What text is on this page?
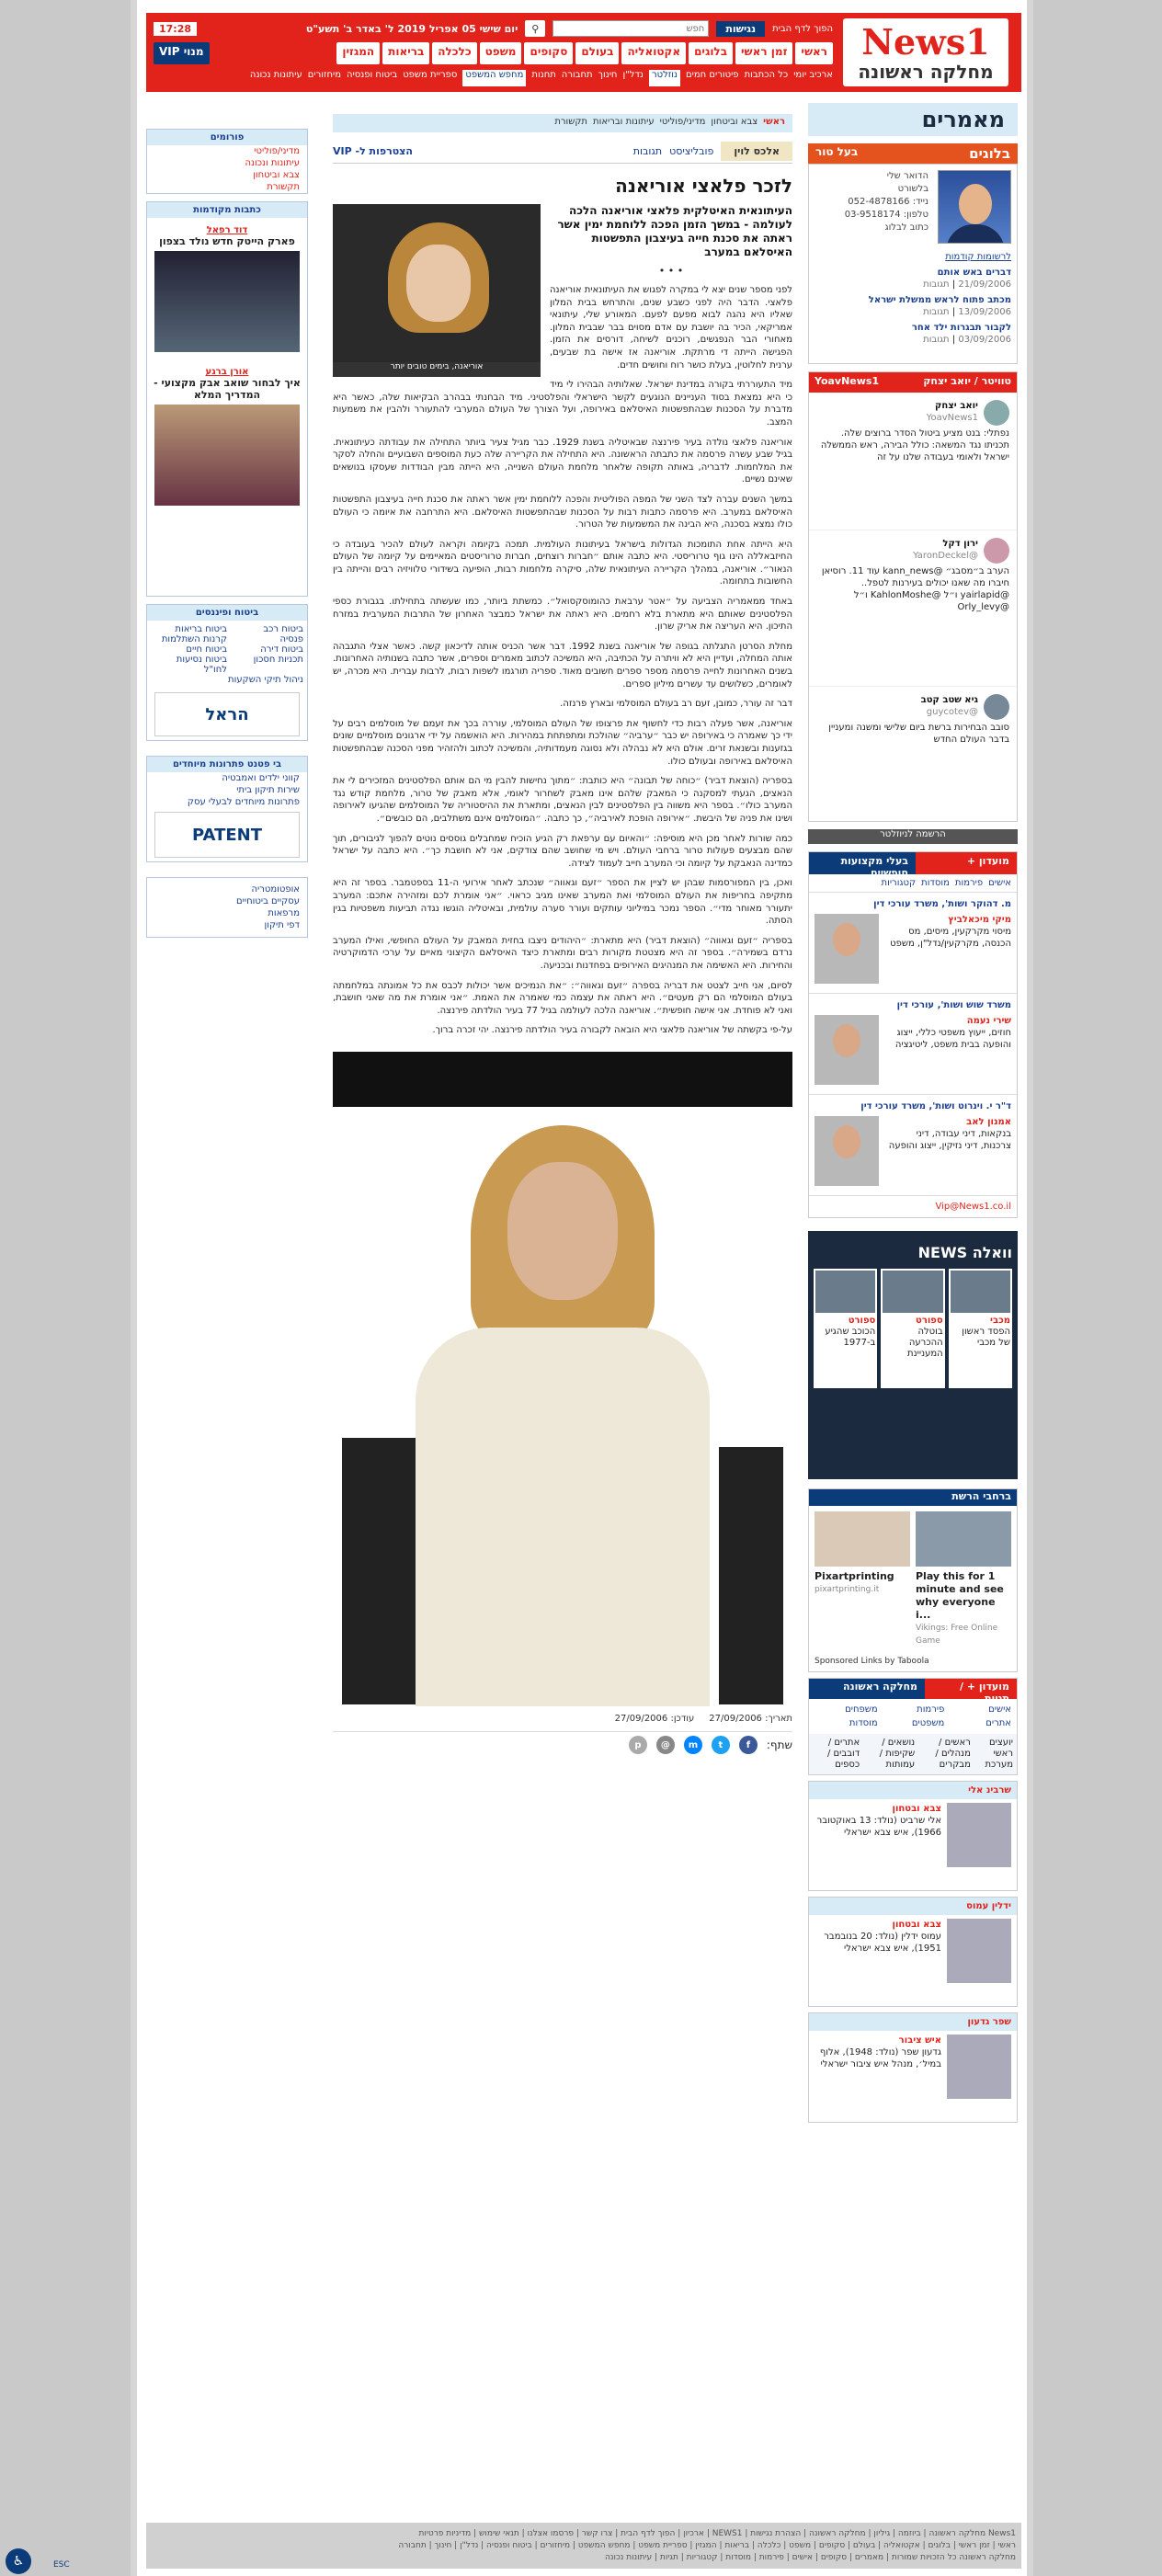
News1
מחלקה ראשונה
הפוך לדף הבית
נגישות
חפש
⚲
יום שישי 05 אפריל 2019 ל' באדר ב' תשע"ט
17:28
ראשי
זמן ראשי
בלוגים
אקטואליה
בעולם
סקופים
משפט
כלכלה
בריאות
המגזין
מנוי VIP
ארכיב יומי
כל הכתבות
פיטורים חמים
נוזלטר
נדל"ן
חינוך
תחבורה
תחנות
מחפש המשפט
ספריית משפט
ביטוח ופנסיה
מיחזורים
עיתונות נכונה
מאמרים
בלוגים
בעל טור
הדואר שלי
בלשורט
נייד: 052-4878166
טלפון: 03-9518174
כתוב לבלוג
לרשומות קודמות
דברים באש אותם
21/09/2006 | תגובות
מכתב פתוח לראש ממשלת ישראל
13/09/2006 | תגובות
לקבור תבגרות ילד אחר
03/09/2006 | תגובות
טוויטר / יואב יצחק
YoavNews1
יואב יצחק
YoavNews1
נפתלי: בנט מציע ביטול הסדר ברוצים שלה. תכניתו נגד המשאה: כולל הבירה, ראש הממשלה ישראל ולאומי בעבודה שלנו על זה
ירון דקל
@YaronDeckel
הערב ב״מסבג״ @kann_news עוד 11. רוסיאן חיברו מה שאנו יכולים בעירנות לטפל.. @yairlapid ו״ל @KahlonMoshe ו״ל @Orly_levy
גיא שטב קטב
@guycotev
סובב הבחירות ברשת ביום שלישי ומשנה ומעניין בדבר העולם החדש
הרשמה לניוזלטר
מועדון +
בעלי מקצועות חופשיים
אישים
פירמות
מוסדות
קטגוריות
מ. דהוקר ושות', משרד עורכי דין
מיקי מיכאלביץ
מיסוי מקרקעין, מיסים, מס הכנסה, מקרקעין/נדל"ן, משפט
משרד שוש ושות', עורכי דין
שירי נעמה
חוזים, ייעוץ משפטי כללי, ייצוג והופעה בבית משפט, ליטיגציה
ד"ר י. וינרוט ושות', משרד עורכי דין
אמנון לאב
בנקאות, דיני עבודה, דיני צרכנות, דיני נזיקין, ייצוג והופעה
Vip@News1.co.il
וואלה NEWS
מכבי
הפסד ראשון של מכבי
ספורט
בוטלה ההכרעה המעניינת
ספורט
הכוכב שהגיע ב-1977
ברחבי הרשת
Play this for 1 minute and see why everyone i...
Vikings: Free Online Game
Pixartprinting
pixartprinting.it
Sponsored Links by Taboola
מועדון + / תגיות
מחלקה ראשונה
אישים
פירמות
משפחים
אתרים
משפטים
מוסדות
יועצים ראשי מערכת
ראשים / מנהלים / מבקרים
נושאים / שקיפות / עמותות
אתרים / דובבים / כספים
שרבינ אלי
צבא ובטחון
אלי שרביט (נולד: 13 באוקטובר 1966), איש צבא ישראלי
ידלין עמוס
צבא ובטחון
עמוס ידלין (נולד: 20 בנובמבר 1951), איש צבא ישראלי
שפר גדעון
איש ציבור
גדעון שפר (נולד: 1948), אלוף במיל׳, מנהל איש ציבור ישראלי
פורומים
מדיני/פוליטי
עיתונות ונכונה
צבא וביטחון
תקשורת
כתבות מקודמות
דוד רפאל
פארק הייטק חדש נולד בצפון
אורן ברגע
איך לבחור שואב אבק מקצועי - המדריך המלא
ביטוח ופיננסים
ביטוח רכב
ביטוח בריאות
פנסיה
קרנות השתלמות
ביטוח דירה
ביטוח חיים
תכניות חסכון
ביטוח נסיעות לחו"ל
ניהול תיקי השקעות
הראל
בי פטנט פתרונות מיוחדים
קווני ילדים ואמבטיה
שירות תיקון ביתי
פתרונות מיוחדים לבעלי עסק
PATENT
אופטומטריה
עסקיים ביטוחיים
מרפאות
דפי תיקון
ראשי
צבא וביטחון
מדיני/פוליטי
עיתונות ובריאות
תקשורת
אלכס לוין
פובליציסט
תגובות
הצטרפות ל- VIP
לזכר פלאצי אוריאנה
אוריאנה, בימים טובים יותר
העיתונאית האיטלקית פלאצי אוריאנה הלכה לעולמה - במשך הזמן הפכה ללוחמת ימין אשר ראתה את סכנת חייה בעיצבון התפשטות האיסלאם במערב
• • •
לפני מספר שנים יצא לי במקרה לפגוש את העיתונאית אוריאנה פלאצי. הדבר היה לפני כשבע שנים, והתרחש בבית המלון שאליו היא נהגה לבוא מפעם לפעם. המאורע שלי, עיתונאי אמריקאי, הכיר בה יושבת עם אדם מסוים בבר שבבית המלון. מאחורי הבר הנפגשים, רוכנים לשיחה, דורסים את הזמן. הפגישה הייתה די מרתקת. אוריאנה אז אישה בת שבעים, ערנית לחלוטין, בעלת כושר רוח וחושים חדים.
מיד התעוררתי בקורה במדינת ישראל. שאלותיה הבהירו לי מיד כי היא נמצאת בסוד העניינים הנוגעים לקשר הישראלי והפלסטיני. מיד הבחנתי בבהרב הבקיאות שלה, כאשר היא מדברת על הסכנות שבהתפשטות האיסלאם באירופה, ועל הצורך של העולם המערבי להתעורר ולהבין את משמעות המצב.
אוריאנה פלאצי נולדה בעיר פירנצה שבאיטליה בשנת 1929. כבר מגיל צעיר ביותר התחילה את עבודתה כעיתונאית. בגיל שבע עשרה פרסמה את כתבתה הראשונה. היא התחילה את הקריירה שלה כעת המוספים השבועיים והחלה לסקר את המלחמות. לדבריה, באותה תקופה שלאחר מלחמת העולם השנייה, היא הייתה מבין הבודדות שעסקו בנושאים שאינם נשיים.
במשך השנים עברה לצד השני של המפה הפוליטית והפכה ללוחמת ימין אשר ראתה את סכנת חייה בעיצבון התפשטות האיסלאם במערב. היא פרסמה כתבות רבות על הסכנות שבהתפשטות האיסלאם. היא התרחבה את איומה כי העולם כולו נמצא בסכנה, היא הבינה את המשמעות של הטרור.
היא הייתה אחת התומכות הגדולות בישראל בעיתונות העולמית. תמכה בקיומה וקראה לעולם להכיר בעובדה כי החיזבאללה הינו גוף טרוריסטי. היא כתבה אותם ״חברות רוצחים, חברות טרוריסטים המאיימים על קיומה של העולם הנאור״. אוריאנה, במהלך הקריירה העיתונאית שלה, סיקרה מלחמות רבות, הופיעה בשידורי טלוויזיה רבים והייתה בין החשובות בתחומה.
באחד ממאמריה הצביעה על ״אטר ערבאת כהומוסקסואל״. כמשתת ביותר, כמו שעשתה בתחילתו. בגבורת כספי הפלסטינים שאותם היא מתארת בלא רחמים. היא ראתה את ישראל כמבצר האחרון של התרבות המערבית במזרח התיכון. היא העריצה את אריק שרון.
מחלת הסרטן התגלתה בגופה של אוריאנה בשנת 1992. דבר אשר הכניס אותה לדיכאון קשה. כאשר אצלי התגבהה אותה המחלה, ועדיין היא לא וויתרה על הכתיבה, היא המשיכה לכתוב מאמרים וספרים, אשר כתבה בשנותיה האחרונות. בשנים האחרונות לחייה פרסמה מספר ספרים חשובים מאוד. ספריה תורגמו לשפות רבות, לרבות עברית. היא מכרה, יש לאומרים, כשלושים עד עשרים מיליון ספרים.
דבר זה עורר, כמובן, זעם רב בעולם המוסלמי ובארץ פרנזה.
אוריאנה, אשר פעלה רבות כדי לחשוף את פרצופו של העולם המוסלמי, עוררה בכך את זעמם של מוסלמים רבים על ידי כך שאמרה כי באירופה יש כבר ״ערביה״ שהולכת ומתפתחת במהירות. היא הואשמה על ידי ארגונים מוסלמיים שונים בגזענות ובשנאת זרים. אולם היא לא נבהלה ולא נסוגה מעמדותיה, והמשיכה לכתוב ולהזהיר מפני הסכנה שבהתפשטות האיסלאם באירופה ובעולם כולו.
בספריה (הוצאת דביר) ״כוחה של תבונה״ היא כותבת: ״מתוך נחישות להבין מי הם אותם הפלסטינים המזכירים לי את הנאצים, הגעתי למסקנה כי המאבק שלהם אינו מאבק לשחרור לאומי, אלא מאבק של טרור, מלחמת קודש נגד המערב כולו״. בספר היא משווה בין הפלסטינים לבין הנאצים, ומתארת את ההיסטוריה של המוסלמים שהגיעו לאירופה ושינו את פניה של היבשת. ״אירופה הופכת לאירביה״, כך כתבה. ״המוסלמים אינם משתלבים, הם כובשים״.
כמה שורות לאחר מכן היא מוסיפה: ״והאיום עם ערפאת רק הגיע הוכיח שמחבלים גוססים נוטים להפוך לגיבורים, תוך שהם מבצעים פעולות טרור ברחבי העולם. ויש מי שחושב שהם צודקים, אני לא חושבת כך״. היא כתבה על ישראל כמדינה הנאבקת על קיומה וכי המערב חייב לעמוד לצידה.
ואכן, בין המפורסמות שבהן יש לציין את הספר ״זעם וגאווה״ שנכתב לאחר אירועי ה-11 בספטמבר. בספר זה היא מתקיפה בחריפות את העולם המוסלמי ואת המערב שאינו מגיב כראוי. ״אני אומרת לכם ומזהירה אתכם: המערב יתעורר מאוחר מדי״. הספר נמכר במיליוני עותקים ועורר סערה עולמית, ובאיטליה הוגשו נגדה תביעות משפטיות בגין הסתה.
בספריה ״זעם וגאווה״ (הוצאת דביר) היא מתארת: ״היהודים ניצבו בחזית המאבק על העולם החופשי, ואילו המערב נרדם בשמירה״. בספר זה היא מצטטת מקורות רבים ומתארת כיצד האיסלאם הקיצוני מאיים על ערכי הדמוקרטיה והחירות. היא האשימה את המנהיגים האירופים בפחדנות ובכניעה.
לסיום, אני חייב לצטט את דבריה בספרה ״זעם וגאווה״: ״את הנמיכים אשר יכולות לכבס את כל אמונתה במלחמתה בעולם המוסלמי הם רק מעטים״. היא ראתה את עצמה כמי שאמרה את האמת. ״אני אומרת את מה שאני חושבת, ואני לא פוחדת. אני אישה חופשית״. אוריאנה הלכה לעולמה בגיל 77 בעיר הולדתה פירנצה.
על-פי בקשתה של אוריאנה פלאצי היא הובאה לקבורה בעיר הולדתה פירנצה. יהי זכרה ברוך.
תאריך: 27/09/2006
עודכן: 27/09/2006
שתף:
f
t
m
@
p
News1 מחלקה ראשונה | ביוזמה | גיליון | מחלקה ראשונה | הצהרת נגישות | NEWS1 | ארכיון | הפוך לדף הבית | צרו קשר | פרסמו אצלנו | תנאי שימוש | מדיניות פרטיות
ראשי | זמן ראשי | בלוגים | אקטואליה | בעולם | סקופים | משפט | כלכלה | בריאות | המגזין | ספריית משפט | מחפש המשפט | מיחזורים | ביטוח ופנסיה | נדל"ן | חינוך | תחבורה
מחלקה ראשונה כל הזכויות שמורות | מאמרים | סקופים | אישים | פירמות | מוסדות | קטגוריות | תגיות | עיתונות נכונה
♿	ESC
